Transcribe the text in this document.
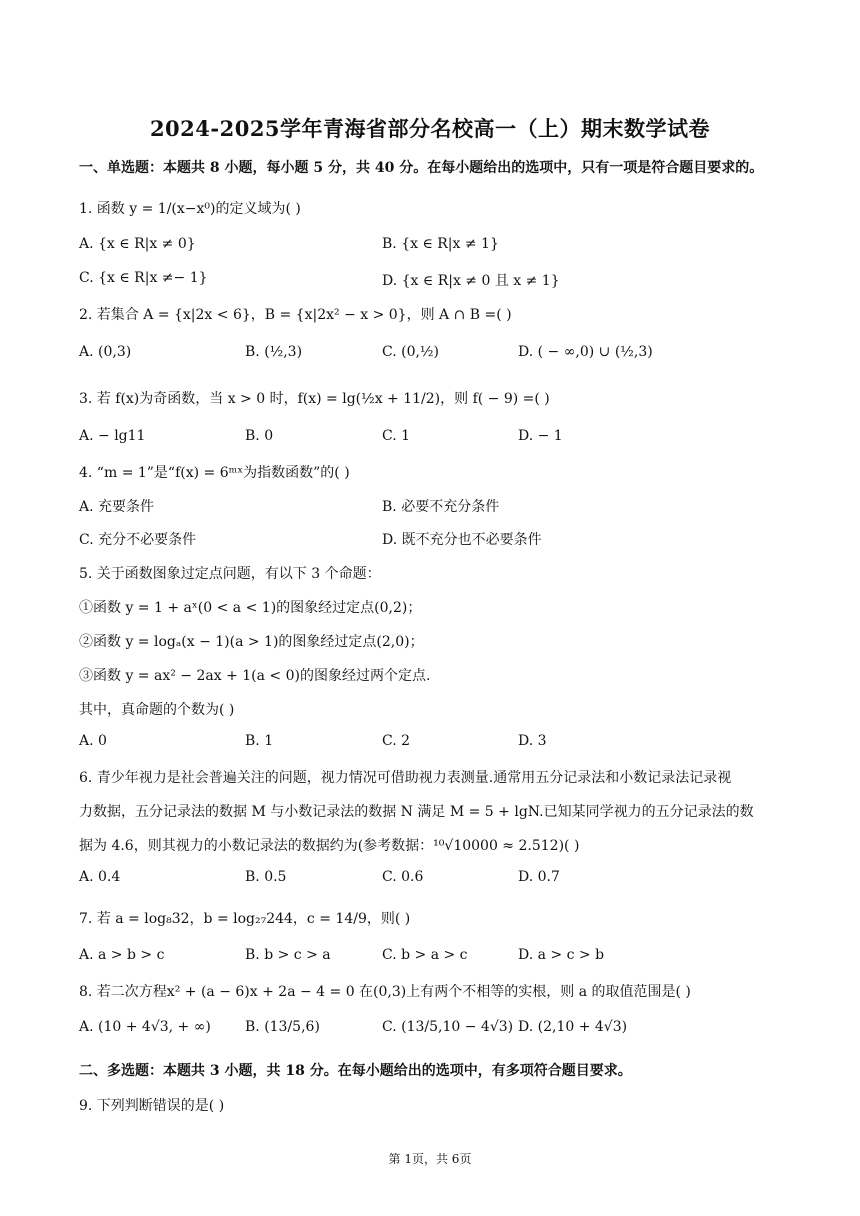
2024-2025学年青海省部分名校高一（上）期末数学试卷
一、单选题：本题共 8 小题，每小题 5 分，共 40 分。在每小题给出的选项中，只有一项是符合题目要求的。
1. 函数 y = 1/(x−x⁰)的定义域为( )
A. {x ∈ R|x ≠ 0}	B. {x ∈ R|x ≠ 1}
C. {x ∈ R|x ≠− 1}	D. {x ∈ R|x ≠ 0 且 x ≠ 1}
2. 若集合 A = {x|2x < 6}，B = {x|2x² − x > 0}，则 A ∩ B =( )
A. (0,3)	B. (½,3)	C. (0,½)	D. ( − ∞,0) ∪ (½,3)
3. 若 f(x)为奇函数，当 x > 0 时，f(x) = lg(½x + 11/2)，则 f( − 9) =( )
A. − lg11	B. 0	C. 1	D. − 1
4. “m = 1”是“f(x) = 6ᵐˣ为指数函数”的( )
A. 充要条件	B. 必要不充分条件
C. 充分不必要条件	D. 既不充分也不必要条件
5. 关于函数图象过定点问题，有以下 3 个命题：
①函数 y = 1 + aˣ(0 < a < 1)的图象经过定点(0,2)；
②函数 y = logₐ(x − 1)(a > 1)的图象经过定点(2,0)；
③函数 y = ax² − 2ax + 1(a < 0)的图象经过两个定点.
其中，真命题的个数为( )
A. 0	B. 1	C. 2	D. 3
6. 青少年视力是社会普遍关注的问题，视力情况可借助视力表测量.通常用五分记录法和小数记录法记录视
力数据，五分记录法的数据 M 与小数记录法的数据 N 满足 M = 5 + lgN.已知某同学视力的五分记录法的数
据为 4.6，则其视力的小数记录法的数据约为(参考数据：¹⁰√10000 ≈ 2.512)( )
A. 0.4	B. 0.5	C. 0.6	D. 0.7
7. 若 a = log₈32，b = log₂₇244，c = 14/9，则( )
A. a > b > c	B. b > c > a	C. b > a > c	D. a > c > b
8. 若二次方程x² + (a − 6)x + 2a − 4 = 0 在(0,3)上有两个不相等的实根，则 a 的取值范围是( )
A. (10 + 4√3, + ∞) B. (13/5,6)	C. (13/5,10 − 4√3) D. (2,10 + 4√3)
二、多选题：本题共 3 小题，共 18 分。在每小题给出的选项中，有多项符合题目要求。
9. 下列判断错误的是( )
第 1页，共 6页
